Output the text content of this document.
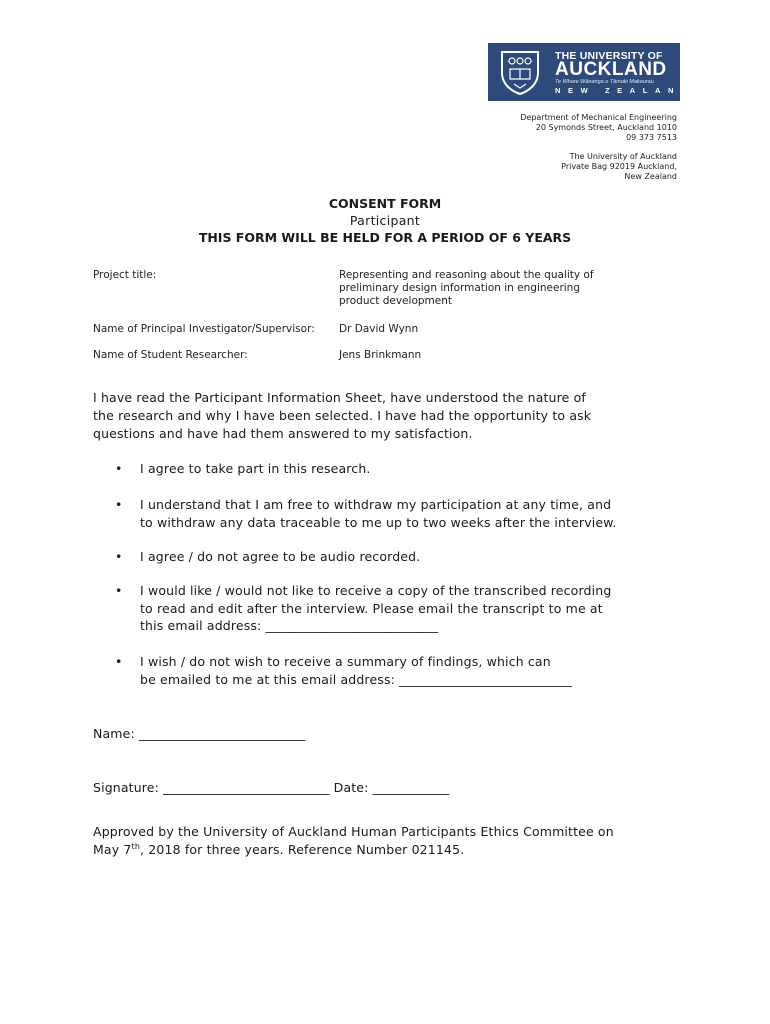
THE UNIVERSITY OF
AUCKLAND
Te Whare Wānanga o Tāmaki Makaurau
NEW ZEALAND
Department of Mechanical Engineering
20 Symonds Street, Auckland 1010
09 373 7513
The University of Auckland
Private Bag 92019 Auckland,
New Zealand
CONSENT FORM
Participant
THIS FORM WILL BE HELD FOR A PERIOD OF 6 YEARS
Project title:	Representing and reasoning about the quality of
preliminary design information in engineering
product development
Name of Principal Investigator/Supervisor: Dr David Wynn
Name of Student Researcher:	Jens Brinkmann
I have read the Participant Information Sheet, have understood the nature of
the research and why I have been selected. I have had the opportunity to ask
questions and have had them answered to my satisfaction.
• I agree to take part in this research.
• I understand that I am free to withdraw my participation at any time, and
to withdraw any data traceable to me up to two weeks after the interview.
• I agree / do not agree to be audio recorded.
• I would like / would not like to receive a copy of the transcribed recording
to read and edit after the interview. Please email the transcript to me at
this email address: ___________________________
• I wish / do not wish to receive a summary of findings, which can
be emailed to me at this email address: ___________________________
Name: __________________________
Signature: __________________________ Date: ____________
Approved by the University of Auckland Human Participants Ethics Committee on
May 7th, 2018 for three years. Reference Number 021145.
